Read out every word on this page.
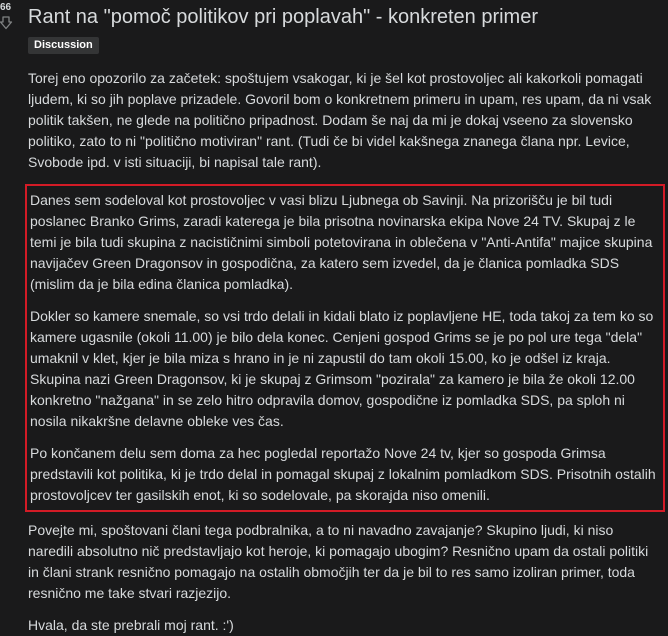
66 Rant na "pomoč politikov pri poplavah" - konkreten primer
Discussion

Torej eno opozorilo za začetek: spoštujem vsakogar, ki je šel kot prostovoljec ali kakorkoli pomagati ljudem, ki so jih poplave prizadele. Govoril bom o konkretnem primeru in upam, res upam, da ni vsak politik takšen, ne glede na politično pripadnost. Dodam še naj da mi je dokaj vseeno za slovensko politiko, zato to ni "politično motiviran" rant. (Tudi če bi videl kakšnega znanega člana npr. Levice, Svobode ipd. v isti situaciji, bi napisal tale rant).

Danes sem sodeloval kot prostovoljec v vasi blizu Ljubnega ob Savinji. Na prizorišču je bil tudi poslanec Branko Grims, zaradi katerega je bila prisotna novinarska ekipa Nove 24 TV. Skupaj z le temi je bila tudi skupina z nacističnimi simboli potetovirana in oblečena v "Anti-Antifa" majice skupina navijačev Green Dragonsov in gospodična, za katero sem izvedel, da je članica pomladka SDS (mislim da je bila edina članica pomladka).

Dokler so kamere snemale, so vsi trdo delali in kidali blato iz poplavljene HE, toda takoj za tem ko so kamere ugasnile (okoli 11.00) je bilo dela konec. Cenjeni gospod Grims se je po pol ure tega "dela" umaknil v klet, kjer je bila miza s hrano in je ni zapustil do tam okoli 15.00, ko je odšel iz kraja. Skupina nazi Green Dragonsov, ki je skupaj z Grimsom "pozirala" za kamero je bila že okoli 12.00 konkretno "nažgana" in se zelo hitro odpravila domov, gospodične iz pomladka SDS, pa sploh ni nosila nikakršne delavne obleke ves čas.

Po končanem delu sem doma za hec pogledal reportažo Nove 24 tv, kjer so gospoda Grimsa predstavili kot politika, ki je trdo delal in pomagal skupaj z lokalnim pomladkom SDS. Prisotnih ostalih prostovoljcev ter gasilskih enot, ki so sodelovale, pa skorajda niso omenili.

Povejte mi, spoštovani člani tega podbralnika, a to ni navadno zavajanje? Skupino ljudi, ki niso naredili absolutno nič predstavljajo kot heroje, ki pomagajo ubogim? Resnično upam da ostali politiki in člani strank resnično pomagajo na ostalih območjih ter da je bil to res samo izoliran primer, toda resnično me take stvari razjezijo.

Hvala, da ste prebrali moj rant. :')
